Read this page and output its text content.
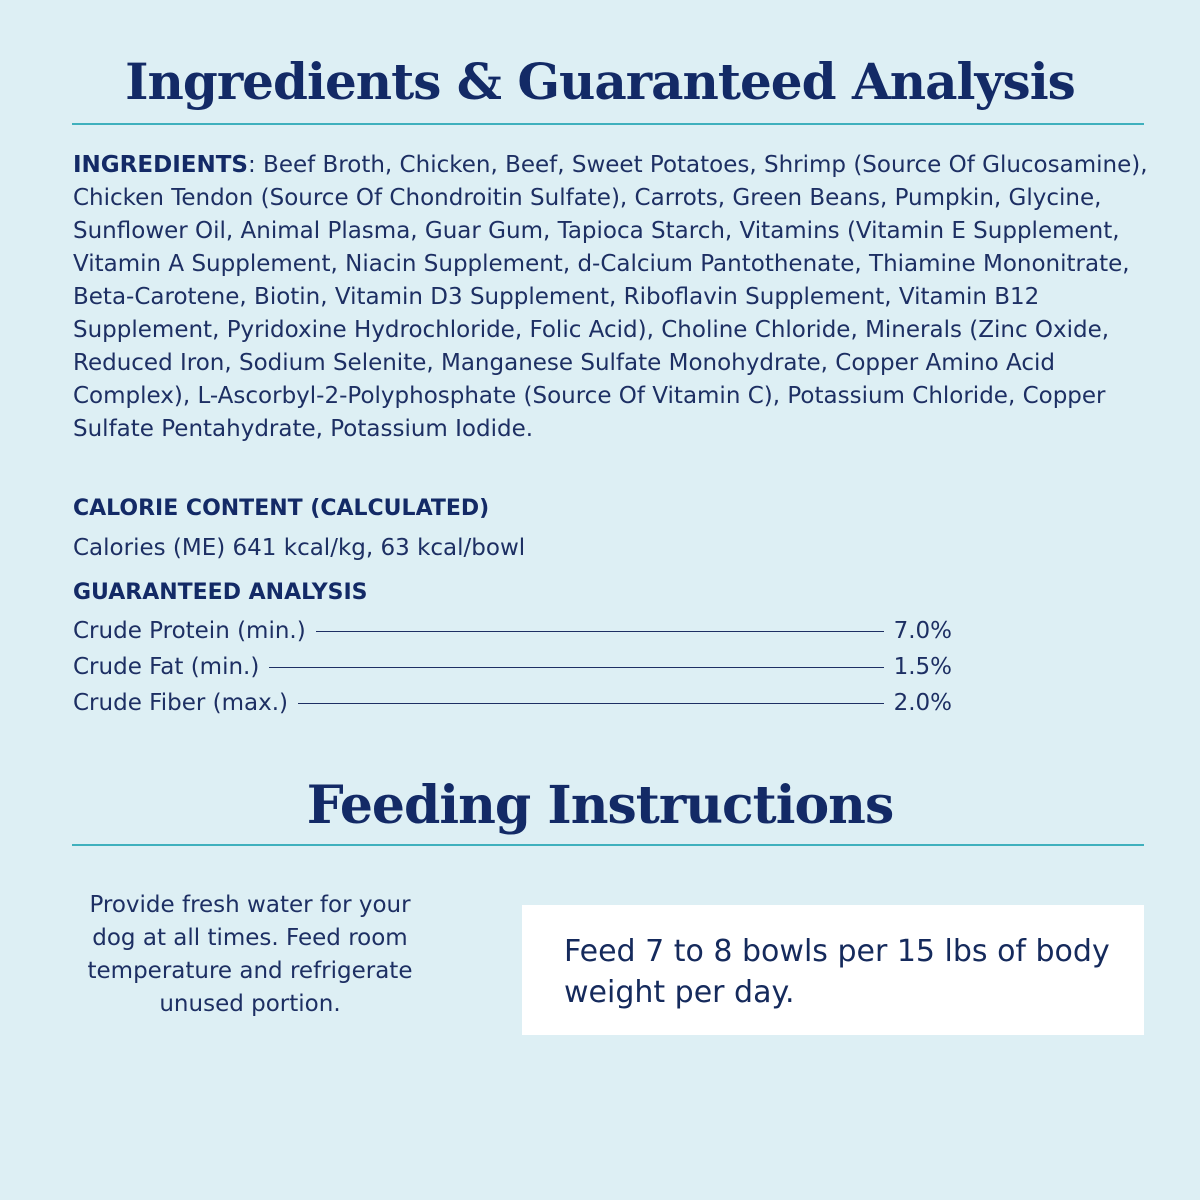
Ingredients & Guaranteed Analysis
INGREDIENTS: Beef Broth, Chicken, Beef, Sweet Potatoes, Shrimp (Source Of Glucosamine), Chicken Tendon (Source Of Chondroitin Sulfate), Carrots, Green Beans, Pumpkin, Glycine, Sunflower Oil, Animal Plasma, Guar Gum, Tapioca Starch, Vitamins (Vitamin E Supplement, Vitamin A Supplement, Niacin Supplement, d-Calcium Pantothenate, Thiamine Mononitrate, Beta-Carotene, Biotin, Vitamin D3 Supplement, Riboflavin Supplement, Vitamin B12 Supplement, Pyridoxine Hydrochloride, Folic Acid), Choline Chloride, Minerals (Zinc Oxide, Reduced Iron, Sodium Selenite, Manganese Sulfate Monohydrate, Copper Amino Acid Complex), L-Ascorbyl-2-Polyphosphate (Source Of Vitamin C), Potassium Chloride, Copper Sulfate Pentahydrate, Potassium Iodide.
CALORIE CONTENT (CALCULATED)
Calories (ME) 641 kcal/kg, 63 kcal/bowl
GUARANTEED ANALYSIS
Crude Protein (min.)	7.0%
Crude Fat (min.)	1.5%
Crude Fiber (max.)	2.0%
Feeding Instructions
Provide fresh water for your dog at all times. Feed room temperature and refrigerate unused portion.
Feed 7 to 8 bowls per 15 lbs of body weight per day.
